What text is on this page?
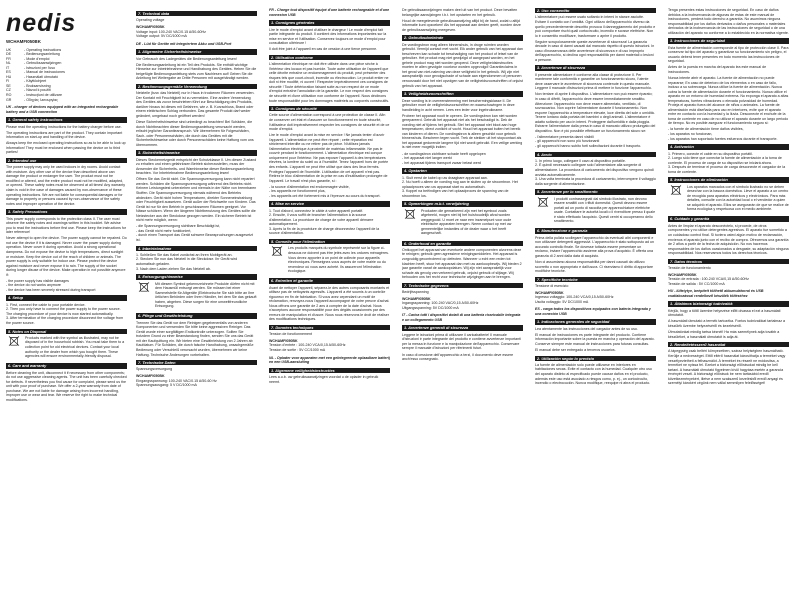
nedis
WCHAMFI050BK
UK	- Operating instructions
DE	- Bedienungsanleitung
FR	- Mode d'emploi
NL	- Gebruiksaanwijzingen
IT	- Istruzioni per l'uso
ES	- Manual de instrucciones
HU	- Használati útmutató
FI	- Käyttöohjeet
SE	- Bruksanvisning
CZ	- Návod k použití
RO	- Instrucţiuni de utilizare
GR	- Οδηγίες λειτουργίας
UK - charger of devices equipped with an integrated rechargeable battery and a USB connection
1. General safety instructions
Please read the operating instructions for the battery charger before use.
The operating instructions are part of the product. They contain important information on start-up and handling of the device.
Always keep the enclosed operating instructions so as to be able to look up information! They must be enclosed when passing the device on to third parties!
2. Intended use
The power supply may only be used indoors in dry rooms. Avoid contact with moisture. Any other use of the device than described above can damage the product or endanger the user. The product must not be modified or altered, and the entire product must not be modified, adapted, or opened. These safety notes must be observed at all times! Any warranty claim is void in the case of damages caused by non-observance of these operating instructions. We are not liable for consequential damages or for damage to property or persons caused by non-observance of the safety notes and improper operation of the device.
3. Safety Precautions
This power supply corresponds to the protection class II. The user must observe the safety notes and warnings written in this booklet. We advise you to read the instructions before first use. Please keep the instructions for later reference!
Never attempt to open the device. The power supply cannot be repaired. Do not use the device if it is damaged. Never cover the power supply during operation. Never cover it during operation. Avoid a strong operational dampness. Do not expose the device to high temperatures, direct sunlight or moisture. Keep the device out of the reach of children or animals. The power supply is only suitable for indoor use. Please protect the device against moisture and never expose it to rain. The supply of the socket during longer disuse of the device. Make operation in not possible anymore if:
- the power supply has visible damages
- the device do not works anymore
- the device has been severely stressed during transport
4. Setup
1. First, connect the cable to your portable device.
2. Then you only have to connect the power supply to the power source. The charging procedure of your device is now started automatically.
3. After termination of the charging procedure disconnect the voltage from the power source.
5. Notes on Disposal
Products marked with the symbol as illustrated, may not be disposed of in the household rubbish. You must take them to a collection point for old electrical devices. Contact your local authority or the dealer from which you bought them. These agencies will ensure environmentally-friendly disposal.
6. Care and warranty
Before cleaning the unit, disconnect it if necessary from other components; do not use aggressive cleaning agents. The unit has been carefully checked for defects. If nevertheless you find cause for complaint, please send us the unit with your proof of purchase. We offer a 2-year warranty from date of purchase. We are not liable for damage arising from incorrect handling, improper use or wear and tear. We reserve the right to make technical modifications.
7. Technical data
Operating voltage
WCHAMFI050BK
Voltage input: 100-240 VAC/0.15 A/50-60Hz
Voltage output: 5V DC/1000 mA
DE - Lüd für Geräte mit integriertem Akku und USB-Port
1. Allgemeine Sicherheitshinweise
Vor Gebrauch des Ladegerätes die Bedienungsanleitung lesen!
Die Bedienungsanleitung ist ein Teil des Produkts. Sie enthält wichtige Hinweise zur Inbetriebnahme und Handhabung des Gerätes. Heben Sie die beigefügte Bedienungsanleitung stets zum Nachlesen auf! Geben Sie die Anleitung bei Weitergabe an Dritte Personen mit ausgehändigt werden.
2. Bestimmungsgemäße Verwendung
Netzteile (bzw. das Netzteil) nur in Haus in trockenen Räumen verwenden. Der Kontakt mit Feuchtigkeit ist zu vermeiden. Eine andere Verwendung des Gerätes als zuvor beschrieben führt zur Beschädigung des Produkts, darüber hinaus ist dieses mit Gefahren, wie z. B. Kurzschluss, Brand oder einem elektrischen Schlag verbunden. Das gesamte Produkt darf weder geändert, umgebaut noch geöffnet werden!
Diese Sicherheitshinweise sind unbedingt zu beachten! Bei Schäden, die durch Nichtbeachten dieser Bedienungsanleitung verursacht werden, erlischt jeglicher Garantieanspruch. Wir übernehmen für Folgeschäden, Sach- oder Personenschäden, die durch das Gerätes mit die Sicherheitshinweise oder durch Personenschäden keine Haftung vom uns übernommen.
3. Sicherheitshinweise
Dieses Steckernetzgerät entspricht der Schutzklasse II. Um diesen Zustand zu erhalten und einen gefahrlosen Betrieb sicherzustellen, muss der Anwender die Sicherheits- und Warnhinweise dieser Bedienungsanleitung beachten. Vor Inbetriebnahme Bedienungsanleitung lesen!
Öffnen Sie das Gerät nicht. Die Spannungsversorgung kann nicht repariert werden. Schäden die Spannungsversorgung während des Betriebs nicht. Keinem Leistungstest unterziehen und niemals in der Nähe von brennbaren Stoffen. Die Spannungsversorgung niemals während des Betriebs abdecken. Gerät nicht hohen Temperaturen, direkter Sonneneinstrahlung oder Feuchtigkeit aussetzen. Gerät außer der Reichweite von Kindern. Das Gerät ist nur für den Betrieb in geschlossenen Räumen geeignet. Vor Nässe schützen. Wenn der längeren Nichtbenutzung des Gerätes sollte die Netzstecker aus der Steckdose gezogen werden. Ein sicherer Betrieb ist nicht mehr möglich, wenn:
- die Spannungsversorgung sichtbare Beschädigt ist,
- das Gerät nicht mehr funktioniert,
- durch einen Transport das Gerät schwere Beanspruchungen ausgesetzt ist.
4. Inbetriebnahme
1. Schließen Sie das Kabel zunächst an Ihren Mobilgerät an.
2. Stecken Sie nun das Netzteil in die Steckdose. Ihr Gerät wird automatisch geladen.
3. Nach dem Laden ziehen Sie das Netzteil ab.
5. Entsorgungshinweise
Mit diesem Symbol gekennzeichnete Produkte dürfen nicht mit dem Hausmüll entsorgt werden. Sie müssen bei einer Sammelstelle für Altgeräte (Elektronische Sie sich bitte an Ihre örtlichen Behörden oder Ihren Händler, bei dem Sie das gekauft haben, abgeben. Diese sorgen für eine umweltfreundliche Entsorgung.
6. Pflege und Gewährleistung
Trennen Sie das Gerät vor dem Reinigen gegebenenfalls von anderen Komponenten und verwenden Sie bitte keine aggressiven Reiniger. Das Gerät wurde einer sorgfältigen Endkontrolle unterzogen. Sollten Sie trotzdem Grund zu einer Beanstandung finden, senden Sie uns das Gerät mit der Kaufquittung ein. Wir bieten eine Gewährleistung von 2 Jahren ab Kaufdatum. Für Schäden, die durch falsche Handhabung, unsachgemäße Bedienung oder Verschleiß verursacht wurden, übernehmen wir keine Haftung. Technische Änderungen vorbehalten.
7. Technische Daten
Spannungsversorgung
WCHAMFI050BK
Eingangsspannung: 100-240 VAC/0.15 A/50-60 Hz
Spannungsausgang: 5 V DC/1000 mA
FR - Charge tout dispositif équipé d'une batterie rechargeable et d'une connexion USB
1. Consignes générales
Lire le mode d'emploi avant d'utiliser le chargeur ! Le mode d'emploi fait partie intégrante du produit. Il contient des informations importantes sur la mise en service et l'utilisation. Conservez toujours ce mode d'emploi pour consultation ultérieure !
Il doit être joint à l'appareil en cas de cession à une tierce personne.
2. Utilisation conforme
L'alimentation électrique ne doit être utilisée dans une pièce sèche à l'intérieur des locaux et pas humide. Toute autre utilisation de l'appareil que celle décrite entraîne un endommagement du produit, peut présenter des risques tels que court-circuit, incendie ou électrocution. Le produit entier ne doit ni être modifié, ni ouvert ! Respecter impérativement ces consignes de sécurité ! Toute détérioration faisant suite au non respect de ce mode d'emploi entraîne l'annulation de la garantie. Le non respect des consignes de sécurité et d'une utilisation non conforme de l'appareil. Nous déclinons toute responsabilité pour les dommages matériels ou corporels consécutifs.
3. Consignes de sécurité
Cette source d'alimentation correspond à une protection de classe II. Afin de conserver cet état et d'assurer un fonctionnement en toute sécurité, l'utilisateur doit impérativement respecter les consignes de sécurité et de ce mode d'emploi.
Lire le mode d'emploi avant la mise en service ! Ne jamais tenter d'ouvrir l'appareil. L'alimentation ne peut être réparé ; cette réparation est strictement interdite ou ne retirer pas de pièce. N'utilisez jamais l'alimentation électrique à proximité de matériau inflammable. Ne pas le couvrir pendant le fonctionnement. L'alimentation électrique est conçue uniquement pour l'intérieur. Ne pas exposer l'appareil à des températures élevées, la lumière du soleil ou à l'humidité. Tenez l'appareil hors de portée des enfants. L'appareil ne peut être utilisé que dans des lieux fermés. Protégez l'appareil de l'humidité. L'utilisation de cet appareil n'est pas. Retirez le bloc d'alimentation de la prise en cas d'inutilisation prolongée de l'appareil. Le travail n'est plus garantie, si :
- la source d'alimentation est endommagée visible,
- les appareils ne fonctionnent plus,
- les appareils ont été fortement mis à l'épreuve au cours du transport.
4. Mise en service
1. Tout d'abord, connectez le câble à votre appareil portatif.
2. Ensuite, il vous suffit de brancher l'alimentation à la source d'alimentation. La procédure de charge de votre appareil démarre automatiquement.
3. Après la fin de la procédure de charge déconnectez l'appareil de la source d'alimentation.
5. Conseils pour l'élimination
Les produits marqués du symbole représenté sur la figure ci-dessous ne doivent pas être jetés avec les ordures ménagères. Vous devez apporter à un point de collecte pour appareils électroniques. Renseignez-vous auprès de votre mairie ou du revendeur où vous avez acheté. Ils assureront l'élimination écologique.
6. Entretien et garantie
Avant de nettoyer l'appareil, séparez-le des autres composants montants et utilisez pas de nettoyants agressifs. L'appareil a été soumis à un contrôle rigoureux en fin de fabrication. Si vous avez cependant un motif de réclamation, renvoyez-nous l'appareil accompagné de votre preuve d'achat. Nous offrons une garantie de 2 ans à compter de la date d'achat. Nous n'acceptons aucune responsabilité pour des dégâts occasionnés par des erreurs de manipulation et d'usure. Nous nous réservons le droit de réaliser des modifications techniques.
7. Données techniques
Tension de fonctionnement
WCHAMFI050BK
Tension d'entrée : 100-240 VCA/0,15 A/50-60Hz
Tension de sortie : 5V CC/1000 mA
NL - Oplader voor apparaten met een geïntegreerde oplaadbare batterij en een USB-aansluiting
1. Algemene veiligheidsinstructies
Lees a.u.b. uw gebruiksaanwijzingen voordat u de oplader in gebruik neemt.
De gebruiksaanwijzingen maken deel uit van het product. Deze bevatten belangrijke aanwijzingen t.b.t. het opstarten en het gebruik.
Houd de meegeleverde gebruiksaanwijzing altijd bij de hand, zodat u altijd informatie kunt opzoeken! Als het apparaat aan derden geeft, worden deze de gebruiksaanwijzing meegeven.
2. Gebruiksdoeleinde
De voedingsbron mag alleen binnenshuis, in droge ruimten worden gebruikt. Vermijd contact met vocht. Elk ander gebruik van het apparaat dan beschreven kan schade tot beschadiging van het product of letsel van de gebruiker. Het product mag niet gewijzigd of aangepast worden, en het gehele product mag niet worden geopend. Deze veiligheidsinstructies moeten te allen gevolgde voorkeur worden opgevolgd! Garantieclaims in het geval van niet-naleving van deze veiligheid in het gebruik. Wij zijn niet aansprakelijk voor gevolgschade of schade aan eigendommen of personen veroorzaakt door het niet opvolgen van de veiligheidsvoorschriften of onjuist gebruik van het apparaat.
3. Veiligheidsvoorschriften
Deze voeding is in overeenstemming met beschermingsklasse II. De gebruiker moet de veiligheidsvoorschriften en waarschuwingen in deze handleiding in acht nemen. Lees een ieder voor ingebruikname.
Probeer het apparaat nooit te openen. De voedingsbron kan niet worden gerepareerd. Gebruik het apparaat niet als het beschadigd is. Dek de voeding niet af tijdens het gebruik. Stel het apparaat niet bloot aan hoge temperaturen, direct zonlicht of vocht. Houd het apparaat buiten het bereik van kinderen of dieren. De voedingsbron is alleen geschikt voor gebruik binnenshuis. Bescherm tegen vocht. Trek de stekker uit het stopcontact als het apparaat gedurende langere tijd niet wordt gebruikt. Een veilige werking is niet meer mogelijk indien:
- de voedingsbron zichtbare schade heeft opgelopen
- het apparaat niet langer werkt
- het apparaat tijdens transport zwaar belast werd
4. Opstarten
1. Sluit eerst de kabel op uw draagbare apparaat aan.
2. Nu hoeft u alleen de voeding nog aan te sluiten op de stroombron. Het oplaadproces van uw apparaat start nu automatisch.
3. Koppel na beëindigen van het oplaadproces de spanning van de stroombron los.
5. Opmerkingen m.b.t. verwijdering
Producten die gemarkeerd zijn met het symbool zoals afgebeeld, mogen niet bij het huishoudelijk afval worden weggegooid. U moet ze naar een inzamelpunt voor oude elektrische apparaten brengen. Neem contact op met uw gemeentelijke instanties of de dealer waar u het heeft aangeschaft.
6. Onderhoud en garantie
Ontkoppel het apparaat van eventuele andere componenten alvorens deze te reinigen; gebruik geen agressieve reinigingsmiddelen. Het apparaat is zorgvuldig gecontroleerd op defecten. Wanneer u echt een reden tot klachten heeft, stuur het apparaat dan met uw aankoopbewijs. Wij bieden 2 jaar garantie vanaf de aankoopdatum. Wij zijn niet aansprakelijk voor schade als gevolg van verkeerd gebruik, onjuist gebruik of slijtage. Wij behouden ons het recht voor technische wijzigingen aan te brengen.
7. Technische gegevens
Bedrijfsspanning
WCHAMFI050BK
Ingangsspanning: 100-240 VAC/0,15 A/50-60Hz
Uitgangsspanning: 5V DC/1000 mA
IT - Carica tutti i dispositivi dotati di una batteria ricaricabile integrata e un collegamento USB
1. Avvertenze generali di sicurezza
Leggere le istruzioni prima di utilizzare il caricabatterie! Il manuale d'istruzioni è parte integrante del prodotto e contiene avvertenze importanti per la messa in funzione e la manipolazione dell'apparecchio. Conservare sempre il manuale d'istruzioni per riferimenti futuri.
In caso di cessione dell'apparecchio a terzi, il documento deve essere anch'esso consegnato.
2. Uso consentito
L'alimentatore può essere usato soltanto in interni in stanze asciutte. Evitare il contatto con l'umidità. Ogni utilizzo dell'apparecchio diverso da quello precedentemente descritto provoca il danneggiamento del prodotto e può comportare rischi quali cortocircuito, incendio e scosse elettriche. Non lo è consentito modificare, trasformare o aprire il prodotto.
Seguire scrupolosamente queste avvertenze di sicurezza! La garanzia decade in caso di danni causati dal mancato rispetto di questo istruzioni. In caso d'inosservanza delle avvertenze di sicurezza e di uso improprio dell'apparecchio, si declina ogni responsabilità per danni materiali o lesioni a persone.
3. Avvertenze di sicurezza
Il presente alimentatore è conforme alla classe di protezione II. Per mantenere tale conformità e garantire un funzionamento sicuro, l'utente deve osservare le avvertenze di sicurezza contenute in questo manuale. Leggere il manuale d'istruzioni prima di mettere in funzione l'apparecchio.
Non tentare di aprire il dispositivo. L'alimentatore non può essere riparato; in caso di difetti, l'apparecchio deve essere immediatamente smaltito. Attenzione: l'apparecchio non deve essere alimentato, ventilato, di sovraccarico. Non coprire l'alimentatore durante il funzionamento. Non esporre l'apparecchio a temperature elevate, luce diretta del sole o umidità. Tenere lontano dalla portata dei bambini o degli animali. L'alimentatore è adatto soltanto per uso in interni. Proteggere dall'umidità e dalla pioggia. Estrarre l'alimentatore dalla presa in caso di mancato utilizzo prolungato del dispositivo. Non è più possibile effettuare un funzionamento sicuro se:
- l'alimentatore presenta danni visibili
- gli apparecchi non sono più funzionanti
- gli apparecchi hanno subito forti sollecitazioni durante il trasporto.
4. Avvio
1. In primo luogo, collegare il cavo al dispositivo portatile.
2. È quindi necessario collegare solo l'alimentatore alla sorgente di alimentazione. La procedura di caricamento del dispositivo vengono quindi avviata automaticamente.
3. Una volta terminata la procedura di caricamento, interrompere il voltaggio dalla sorgente di alimentazione.
5. Avvertenze per lo smaltimento
I prodotti contrassegnati dal simbolo illustrato, non devono essere smaltiti con i rifiuti domestici. Questi devono essere portati ad un punto di raccolta per apparecchiature elettriche usate. Contattare le autorità locali o il rivenditore presso il quale è stato effettuato l'acquisto. Questi centri si occuperanno dello smaltimento.
6. Manutenzione e garanzia
Prima della pulizia scollegare l'apparecchio da eventuali altri componenti e non utilizzare detergenti aggressivi. L'apparecchio è stato sottoposto ad un accurato controllo finale. Se dovesse tuttavia essere presentare un reclamo, inviare l'apparecchio assieme alla prova d'acquisto. È offerta una garanzia di 2 anni dalla data di acquisto.
Non ci assumiamo alcuna responsabilità per danni causati da utilizzo scorretto o non appropriato e dall'usura. Ci riserviamo il diritto di apportare modifiche tecniche.
7. Specifiche tecniche
Tensione di esercizio
WCHAMFI050BK
Ingresso voltaggio: 100-240 VCA/0,15 A/50-60Hz
Uscita voltaggio: 5V DC/1000 mA
ES - carga todos los dispositivos equipados con batería integrada y una conexión USB
1. Indicaciones generales de seguridad
Lea atentamente las instrucciones del cargador antes de su uso.
El manual de instrucciones es parte integrante del producto. Contiene información importante sobre la puesta en marcha y operación del aparato. Conserve siempre este manual de instrucciones para futuras consultas.
El manual debe ser entregado a terceros usuarios.
2. Utilización según lo previsto
La fuente de alimentación solo puede utilizarse en interiores en habitaciones secas. Evite el contacto con la humedad. Cualquier otro uso del aparato distinto al especificado puede causar daños en el producto, además este uso está asociado a riesgos como, p. ej., un cortocircuito, incendio o electrocución. Nunca modifique, reequipe ni abra el producto.
Tenga presentes estas instrucciones de seguridad. En caso de daños debidos a la inobservancia de algunas de estas de este manual de instrucciones, perderá todo derecho a garantía. No asumimos ninguna responsabilidad por los daños derivados o daños personales o materiales derivados de la inobservancia de las instrucciones de seguridad o de una utilización del aparato no conforme a lo establecido en la normativa vigente.
3. Instrucciones de seguridad
Esta fuente de alimentación corresponde al tipo de protección clase II. Para conservar tal tipo del aparato y garantizar su funcionamiento sin peligro, el usuario deberá tener presentes en todo momento las instrucciones de seguridad.
Antes de la puesta en marcha del aparato lea este manual de instrucciones.
Nunca intente abrir el aparato. La fuente de alimentación no puede repararse; En caso de deterioro de los elementos o en caso de fallo, incluso a su sobrecarga. Nunca utilice la fuente de alimentación. Nunca cubra la fuente de alimentación durante el funcionamiento. Nunca utilice el aparato en un entorno de humedad extrema. No exponga el aparato a altas temperaturas, fuertes vibraciones o elevada polvosidad de humedad. Proteja el aparato fuera del alcance de niños o animales. La fuente de alimentación está diseñada para uso en interiores, evite que el aparato entre en contacto con la humedad y la lluvia. Desconecte el enchufe de la toma de corriente en caso de no utilizar el aparato durante un largo periodo de tiempo. No es posible asegurar el funcionamiento seguro si:
- la fuente de alimentación tiene daños visibles,
- los aparatos no funcionan,
- los aparatos han soportado fuertes esfuerzos durante el transporte.
4. Activación
1. Primero, conecte el cable en su dispositivo portátil.
2. Luego sólo tiene que conectar la fuente de alimentación a la toma de corriente. El proceso de carga de su dispositivo se iniciará ahora.
3. Después de terminar el proceso de carga desconecte el cargador de la toma de corriente.
5. Instrucciones de eliminación
Los aparatos marcados con el símbolo ilustrado no se deben desechar con la basura doméstica. Lleve el aparato a un centro de recogida para aparatos eléctricos y electrónicos. Para más detalles, consulte con la autoridad local o el vendedor a quien se adquirió el aparato. Ellos se asegurarán de que se realice de forma ecológica y respetuosa con el medio ambiente.
6. Cuidado y garantía
Antes de limpiar el aparato desconéctelo, si procede, de otros componentes y no utilice detergentes agresivos. El aparato fue sometido a un cuidadoso control final. Si tuviera usted algún motivo de reclamación, envíenos el aparato junto con el recibo de compra. Ofrecemos una garantía de 2 años a partir de la fecha de adquisición. No nos hacemos responsables de los daños ocasionados a desgaste, su adaptación ninguna responsabilidad. Nos reservamos todos los derechos técnicos.
7. Datos técnicos
Tensión de funcionamiento
WCHAMFI050BK
Tensión de entrada : 100-240 VCA/0,15 A/50-60Hz
Tensión de salida : 5V CC/1000 mA
HU - Iülteiytye, beépített tölthető akkumulátorral és USB csatlakozással rendelkező készülék töltéséhez
1. Általános biztonsági tudnivalók
Kérjük, hogy a töltő üzembe helyezése előtt olvassa el ezt a használati útmutatót.
A használati útmutató a termék tartozéka. Fontos tudnivalókat tartalmaz a készülék üzembe helyezéséről és kezeléséről.
Útmutatónkat mindig tartsa kéznél! Ha más személynek adja tovább a készüléket, a használati útmutatót is adja át.
2. Rendeltetésszerű használat
A tápegység csak beltéri környezetben, száraz helyiségben használható. Kerülje a nedvességet. Ettől eltérő használat károsíthatja a terméket vagy veszélyeztetheti a felhasználót. A terméket és részeit ne módosítsa, a terméket ne nyissa fel. Ezeket a biztonsági előírásokat mindig be kell tartani. A használati útmutató figyelmen kívül hagyása esetén a garancia érvényét veszti. A biztonsági előírások be nem tartásából eredő következményekért, illetve a nem szakszerű kezelésből eredő anyagi és személyi károkért cégünk nem vállal semmilyen felelősséget!
